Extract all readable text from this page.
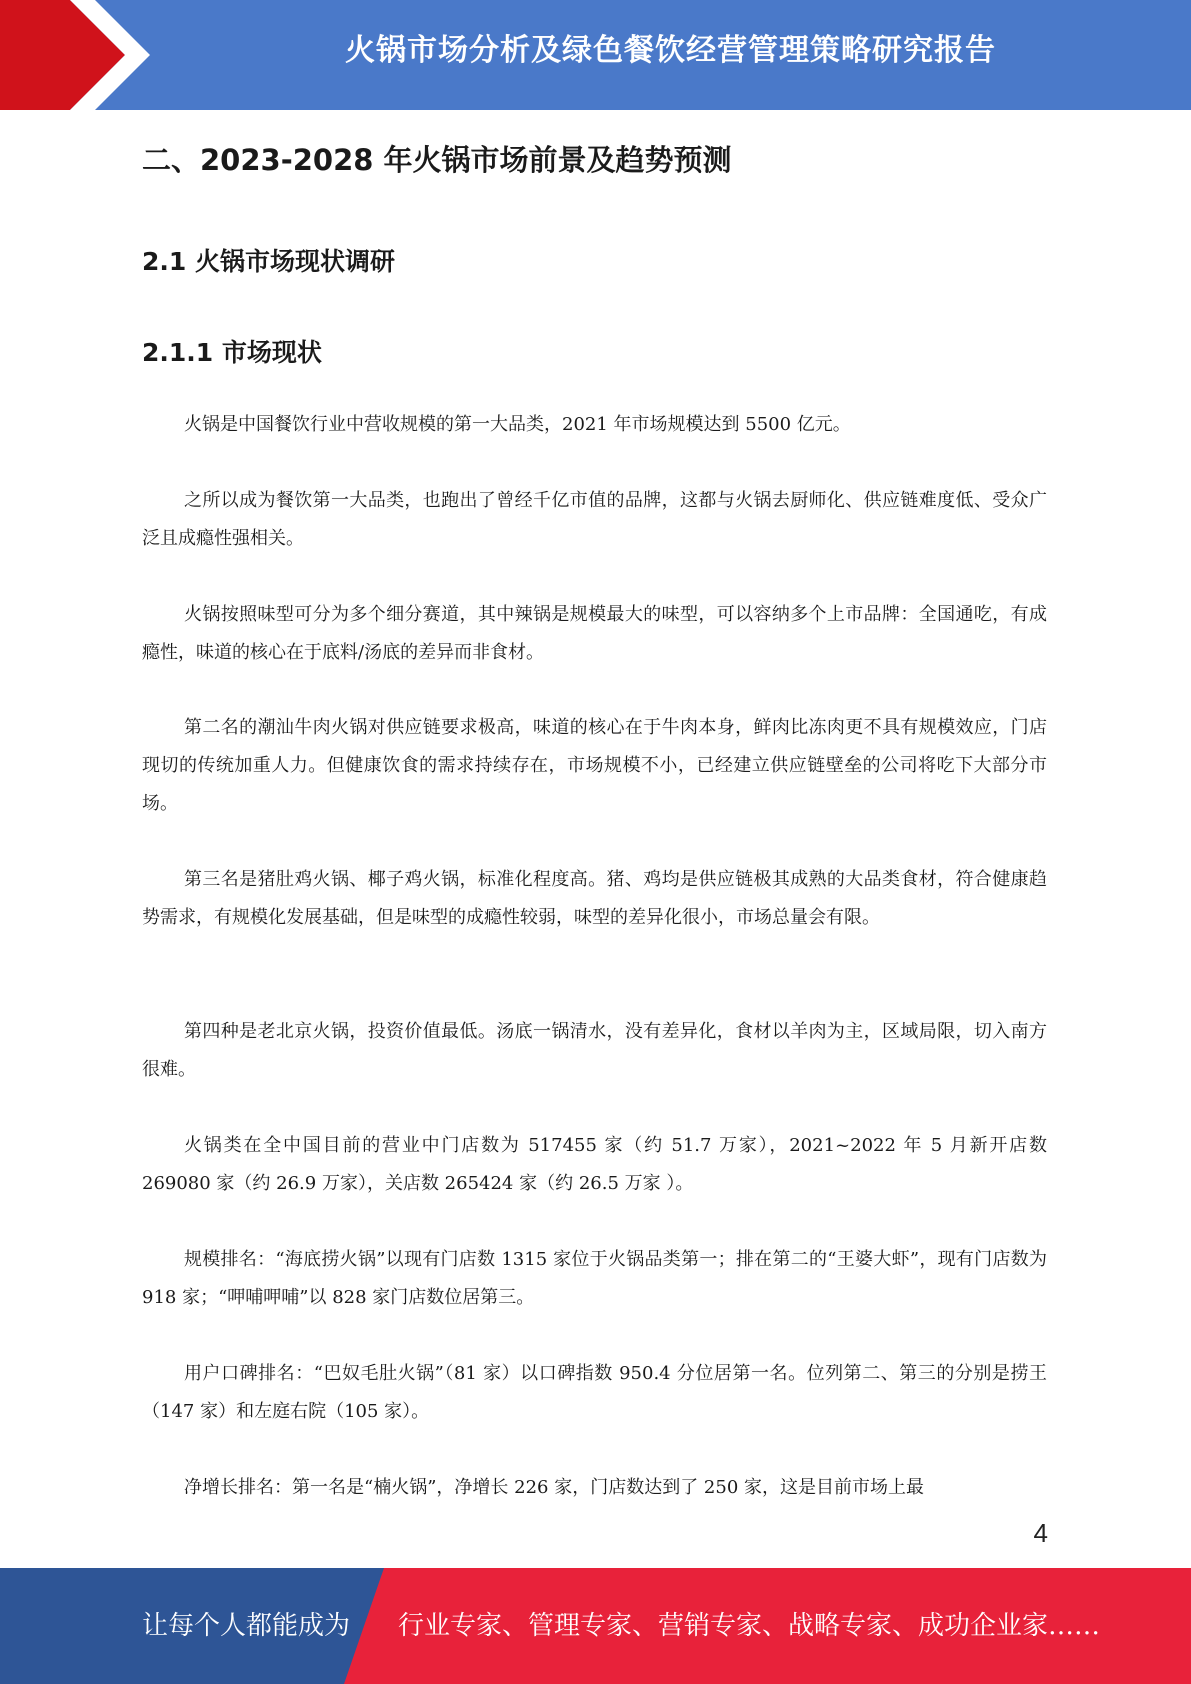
火锅市场分析及绿色餐饮经营管理策略研究报告
二、2023-2028 年火锅市场前景及趋势预测
2.1 火锅市场现状调研
2.1.1 市场现状

火锅是中国餐饮行业中营收规模的第一大品类，2021 年市场规模达到 5500 亿元。

之所以成为餐饮第一大品类，也跑出了曾经千亿市值的品牌，这都与火锅去厨师化、供应链难度低、受众广泛且成瘾性强相关。

火锅按照味型可分为多个细分赛道，其中辣锅是规模最大的味型，可以容纳多个上市品牌：全国通吃，有成瘾性，味道的核心在于底料/汤底的差异而非食材。

第二名的潮汕牛肉火锅对供应链要求极高，味道的核心在于牛肉本身，鲜肉比冻肉更不具有规模效应，门店现切的传统加重人力。但健康饮食的需求持续存在，市场规模不小，已经建立供应链壁垒的公司将吃下大部分市场。

第三名是猪肚鸡火锅、椰子鸡火锅，标准化程度高。猪、鸡均是供应链极其成熟的大品类食材，符合健康趋势需求，有规模化发展基础，但是味型的成瘾性较弱，味型的差异化很小，市场总量会有限。

第四种是老北京火锅，投资价值最低。汤底一锅清水，没有差异化，食材以羊肉为主，区域局限，切入南方很难。

火锅类在全中国目前的营业中门店数为 517455 家（约 51.7 万家），2021~2022 年 5 月新开店数 269080 家（约 26.9 万家），关店数 265424 家（约 26.5 万家 ）。

规模排名：“海底捞火锅”以现有门店数 1315 家位于火锅品类第一；排在第二的“王婆大虾”，现有门店数为 918 家；“呷哺呷哺”以 828 家门店数位居第三。

用户口碑排名：“巴奴毛肚火锅”（81 家）以口碑指数 950.4 分位居第一名。位列第二、第三的分别是捞王（147 家）和左庭右院（105 家）。

净增长排名：第一名是“楠火锅”，净增长 226 家，门店数达到了 250 家，这是目前市场上最

4
让每个人都能成为 行业专家、管理专家、营销专家、战略专家、成功企业家……
